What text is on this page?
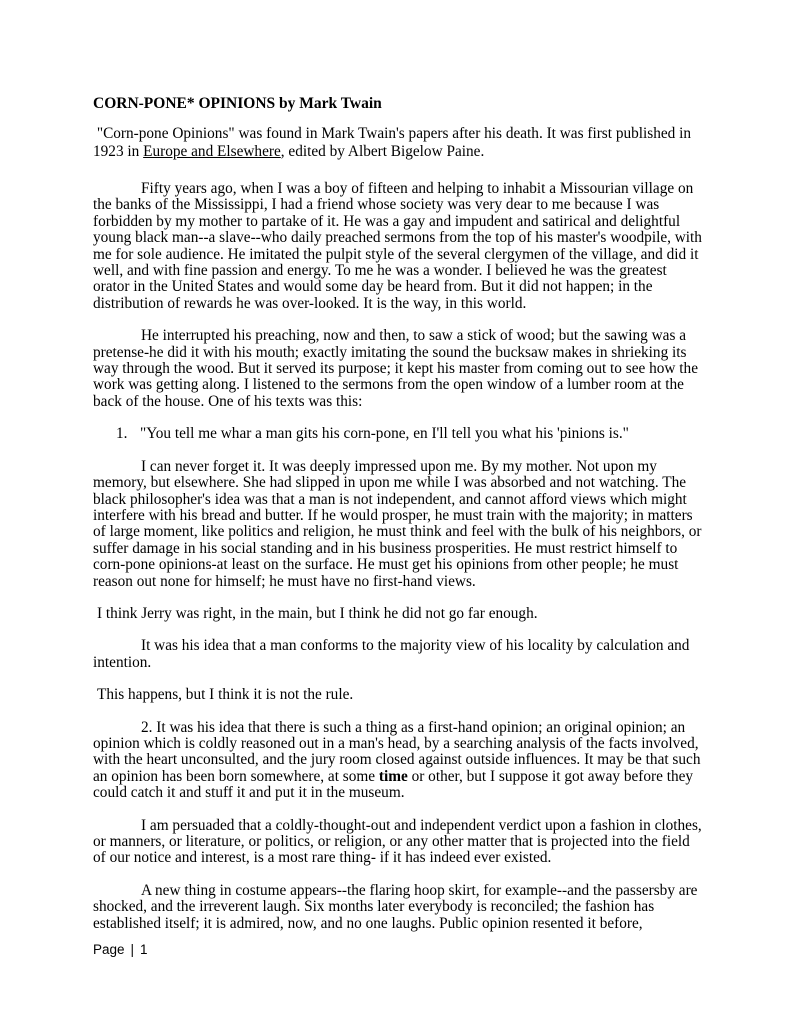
CORN-PONE* OPINIONS by Mark Twain

"Corn-pone Opinions" was found in Mark Twain's papers after his death. It was first published in 1923 in Europe and Elsewhere, edited by Albert Bigelow Paine.

Fifty years ago, when I was a boy of fifteen and helping to inhabit a Missourian village on the banks of the Mississippi, I had a friend whose society was very dear to me because I was forbidden by my mother to partake of it. He was a gay and impudent and satirical and delightful young black man--a slave--who daily preached sermons from the top of his master's woodpile, with me for sole audience. He imitated the pulpit style of the several clergymen of the village, and did it well, and with fine passion and energy. To me he was a wonder. I believed he was the greatest orator in the United States and would some day be heard from. But it did not happen; in the distribution of rewards he was over-looked. It is the way, in this world.

He interrupted his preaching, now and then, to saw a stick of wood; but the sawing was a pretense-he did it with his mouth; exactly imitating the sound the bucksaw makes in shrieking its way through the wood. But it served its purpose; it kept his master from coming out to see how the work was getting along. I listened to the sermons from the open window of a lumber room at the back of the house. One of his texts was this:

1. "You tell me whar a man gits his corn-pone, en I'll tell you what his 'pinions is."

I can never forget it. It was deeply impressed upon me. By my mother. Not upon my memory, but elsewhere. She had slipped in upon me while I was absorbed and not watching. The black philosopher's idea was that a man is not independent, and cannot afford views which might interfere with his bread and butter. If he would prosper, he must train with the majority; in matters of large moment, like politics and religion, he must think and feel with the bulk of his neighbors, or suffer damage in his social standing and in his business prosperities. He must restrict himself to corn-pone opinions-at least on the surface. He must get his opinions from other people; he must reason out none for himself; he must have no first-hand views.

I think Jerry was right, in the main, but I think he did not go far enough.

It was his idea that a man conforms to the majority view of his locality by calculation and intention.

This happens, but I think it is not the rule.

2. It was his idea that there is such a thing as a first-hand opinion; an original opinion; an opinion which is coldly reasoned out in a man's head, by a searching analysis of the facts involved, with the heart unconsulted, and the jury room closed against outside influences. It may be that such an opinion has been born somewhere, at some time or other, but I suppose it got away before they could catch it and stuff it and put it in the museum.

I am persuaded that a coldly-thought-out and independent verdict upon a fashion in clothes, or manners, or literature, or politics, or religion, or any other matter that is projected into the field of our notice and interest, is a most rare thing- if it has indeed ever existed.

A new thing in costume appears--the flaring hoop skirt, for example--and the passersby are shocked, and the irreverent laugh. Six months later everybody is reconciled; the fashion has established itself; it is admired, now, and no one laughs. Public opinion resented it before,

Page | 1
